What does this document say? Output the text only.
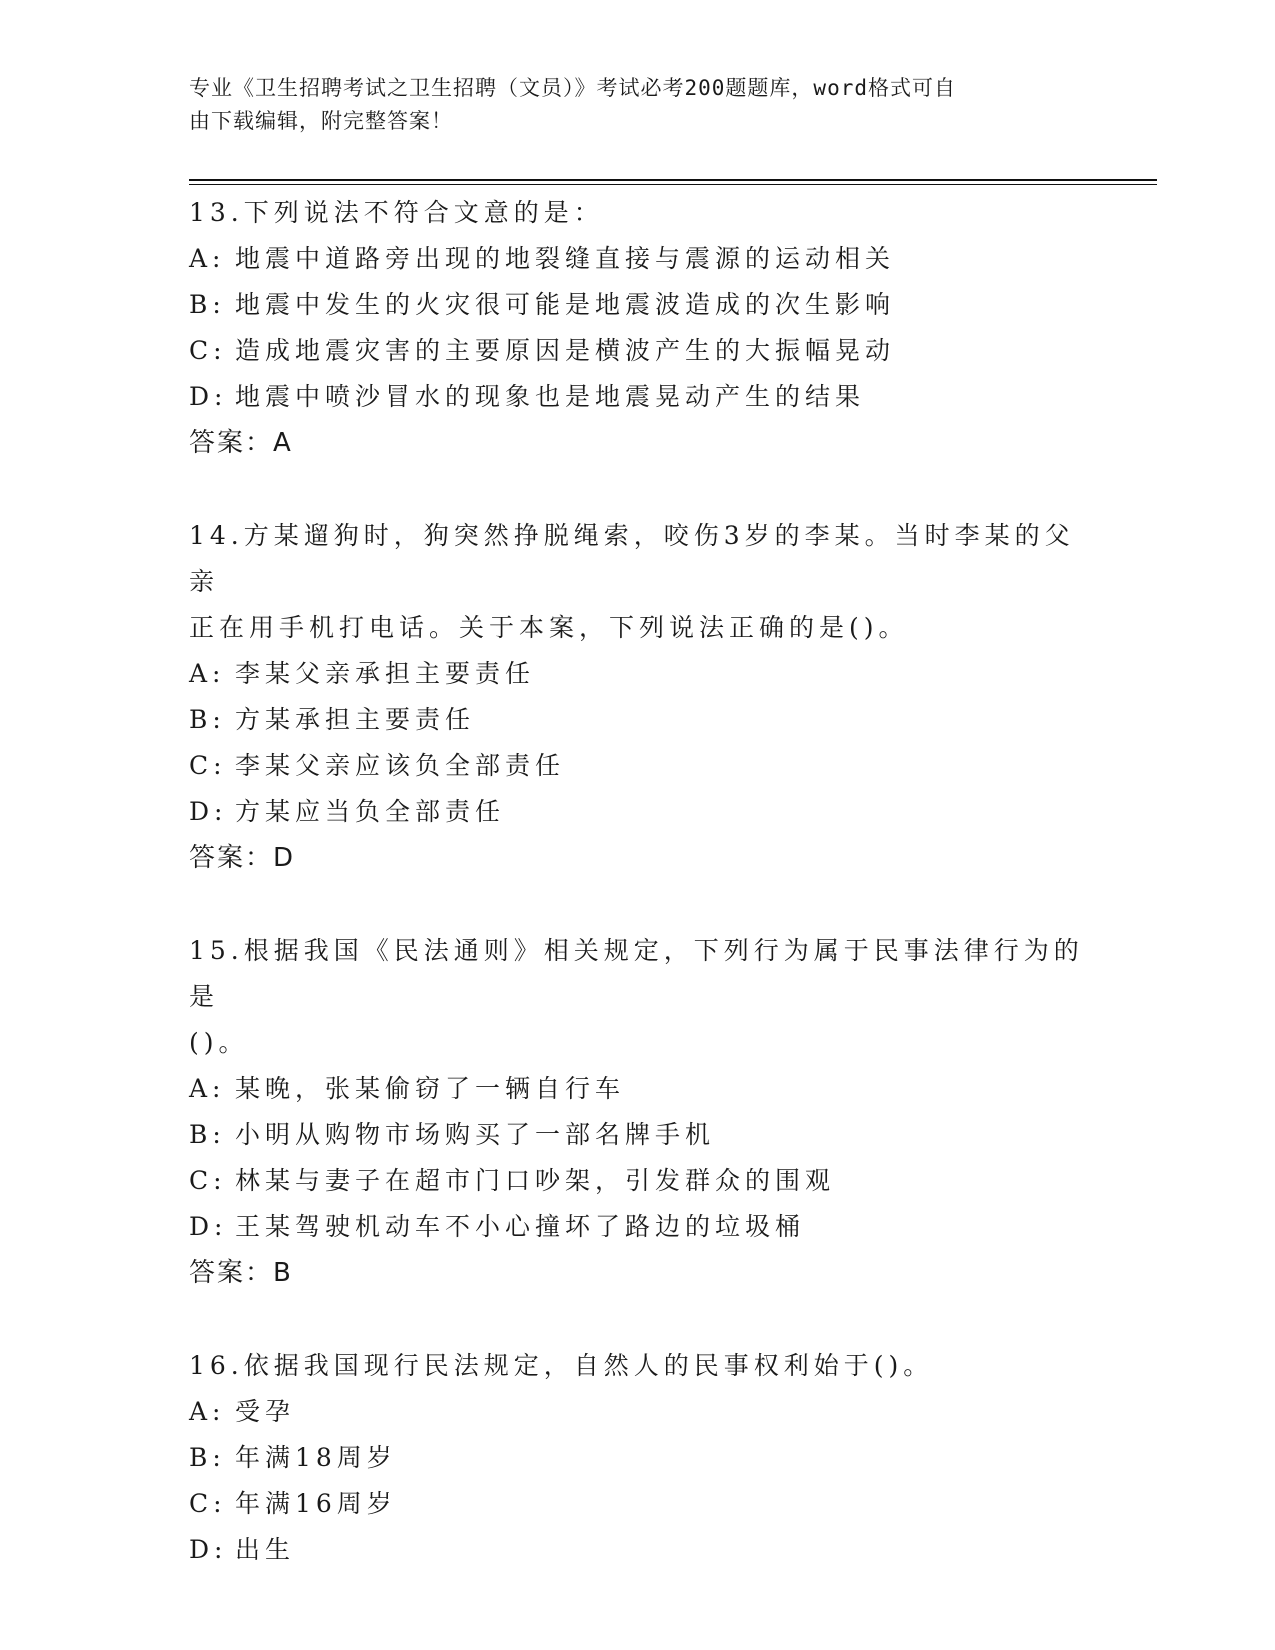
专业《卫生招聘考试之卫生招聘（文员）》考试必考200题题库，word格式可自
由下载编辑，附完整答案！
13.下列说法不符合文意的是：
A: 地震中道路旁出现的地裂缝直接与震源的运动相关
B: 地震中发生的火灾很可能是地震波造成的次生影响
C: 造成地震灾害的主要原因是横波产生的大振幅晃动
D: 地震中喷沙冒水的现象也是地震晃动产生的结果
答案：A
14.方某遛狗时，狗突然挣脱绳索，咬伤3岁的李某。当时李某的父亲
正在用手机打电话。关于本案，下列说法正确的是()。
A: 李某父亲承担主要责任
B: 方某承担主要责任
C: 李某父亲应该负全部责任
D: 方某应当负全部责任
答案：D
15.根据我国《民法通则》相关规定，下列行为属于民事法律行为的是
()。
A: 某晚，张某偷窃了一辆自行车
B: 小明从购物市场购买了一部名牌手机
C: 林某与妻子在超市门口吵架，引发群众的围观
D: 王某驾驶机动车不小心撞坏了路边的垃圾桶
答案：B
16.依据我国现行民法规定，自然人的民事权利始于()。
A: 受孕
B: 年满18周岁
C: 年满16周岁
D: 出生
